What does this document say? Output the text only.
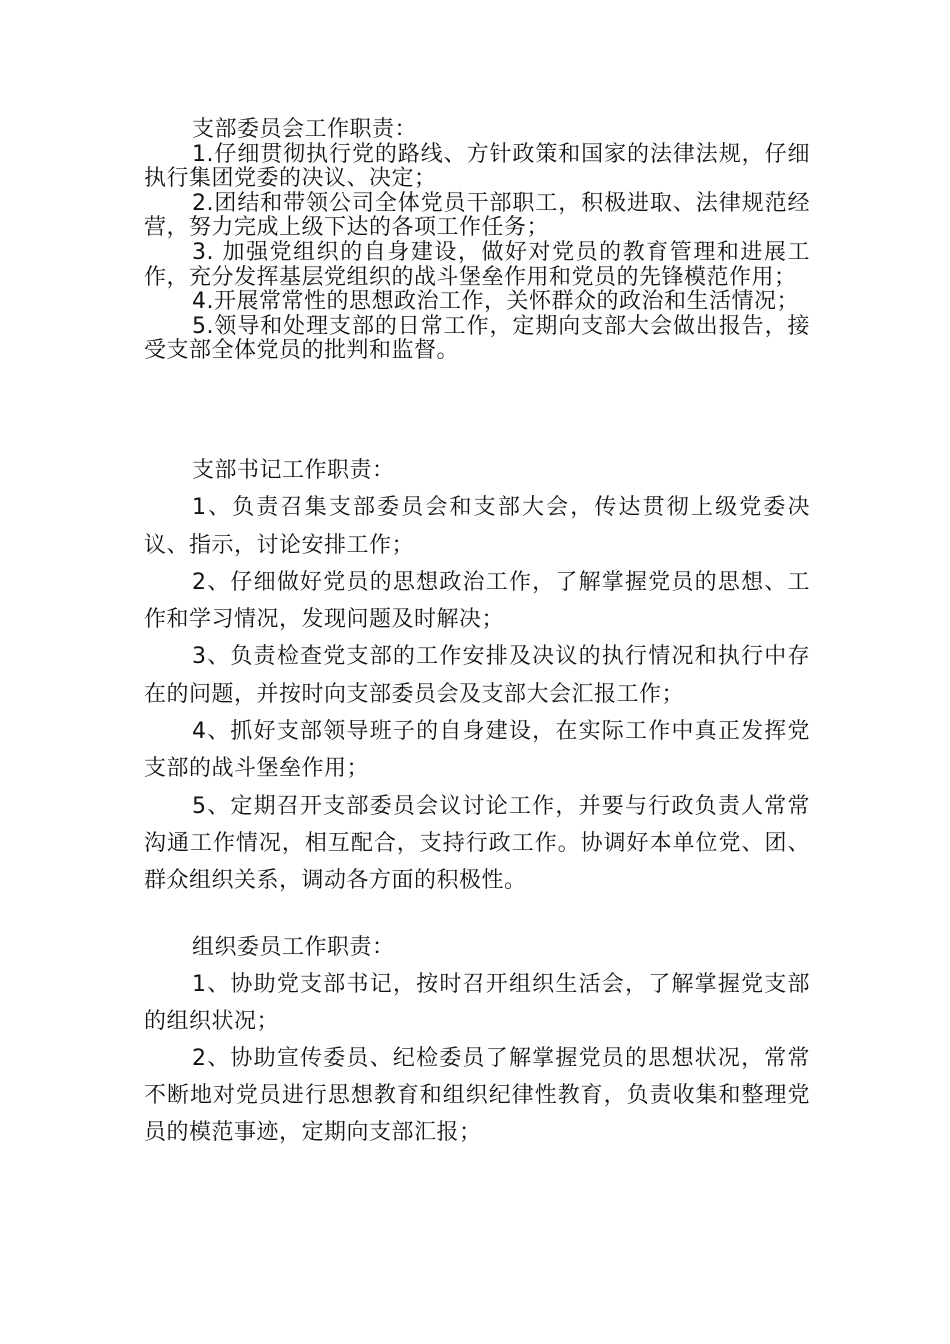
支部委员会工作职责：

1.仔细贯彻执行党的路线、方针政策和国家的法律法规，仔细执行集团党委的决议、决定；

2.团结和带领公司全体党员干部职工，积极进取、法律规范经营，努力完成上级下达的各项工作任务；

3. 加强党组织的自身建设，做好对党员的教育管理和进展工作，充分发挥基层党组织的战斗堡垒作用和党员的先锋模范作用；

4.开展常常性的思想政治工作，关怀群众的政治和生活情况；

5.领导和处理支部的日常工作，定期向支部大会做出报告，接受支部全体党员的批判和监督。

支部书记工作职责：

1、负责召集支部委员会和支部大会，传达贯彻上级党委决议、指示，讨论安排工作；

2、仔细做好党员的思想政治工作，了解掌握党员的思想、工作和学习情况，发现问题及时解决；

3、负责检查党支部的工作安排及决议的执行情况和执行中存在的问题，并按时向支部委员会及支部大会汇报工作；

4、抓好支部领导班子的自身建设，在实际工作中真正发挥党支部的战斗堡垒作用；

5、定期召开支部委员会议讨论工作，并要与行政负责人常常沟通工作情况，相互配合，支持行政工作。协调好本单位党、团、群众组织关系，调动各方面的积极性。

组织委员工作职责：

1、协助党支部书记，按时召开组织生活会，了解掌握党支部的组织状况；

2、协助宣传委员、纪检委员了解掌握党员的思想状况，常常不断地对党员进行思想教育和组织纪律性教育，负责收集和整理党员的模范事迹，定期向支部汇报；
